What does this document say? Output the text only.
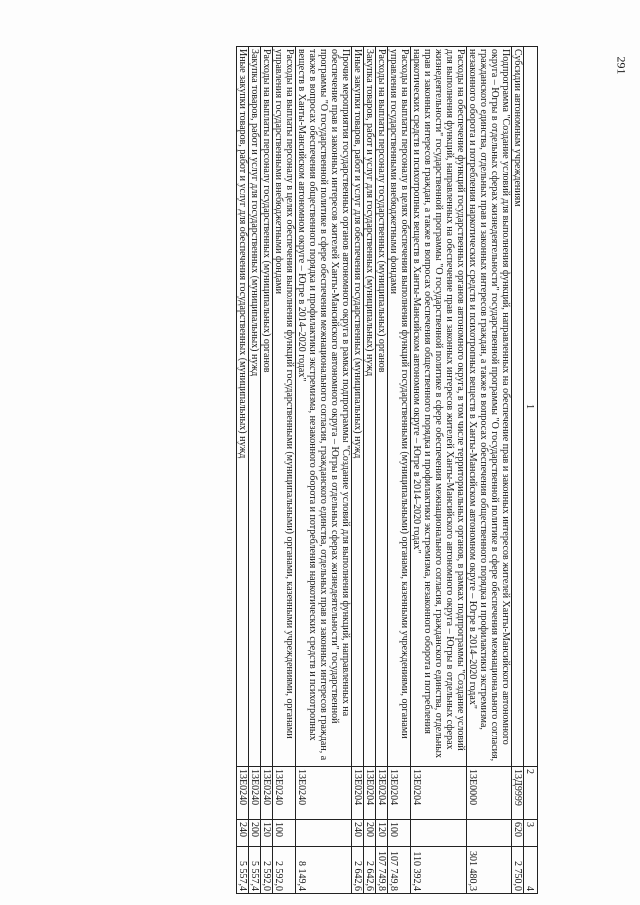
291
1	2	3	4
Субсидии автономным учреждениям	13Д9999	620	2 750,0
Подпрограмма "Создание условий для выполнения функций, направленных на обеспечение прав и законных интересов жителей Ханты-Мансийского автономного округа – Югры в отдельных сферах жизнедеятельности" государственной программы "О государственной политике в сфере обеспечения межнационального согласия, гражданского единства, отдельных прав и законных интересов граждан, а также в вопросах обеспечения общественного порядка и профилактики экстремизма, незаконного оборота и потребления наркотических средств и психотропных веществ в Ханты-Мансийском автономном округе – Югре в 2014–2020 годах"	13Е0000		301 480,3
Расходы на обеспечение функций государственных органов автономного округа, в том числе территориальных органов, в рамках подпрограммы "Создание условий для выполнения функций, направленных на обеспечение прав и законных интересов жителей Ханты-Мансийского автономного округа – Югры в отдельных сферах жизнедеятельности" государственной программы "О государственной политике в сфере обеспечения межнационального согласия, гражданского единства, отдельных прав и законных интересов граждан, а также в вопросах обеспечения общественного порядка и профилактики экстремизма, незаконного оборота и потребления наркотических средств и психотропных веществ в Ханты-Мансийском автономном округе – Югре в 2014–2020 годах"	13Е0204		110 392,4
Расходы на выплаты персоналу в целях обеспечения выполнения функций государственными (муниципальными) органами, казенными учреждениями, органами управления государственными внебюджетными фондами	13Е0204	100	107 749,8
Расходы на выплаты персоналу государственных (муниципальных) органов	13Е0204	120	107 749,8
Закупка товаров, работ и услуг для государственных (муниципальных) нужд	13Е0204	200	2 642,6
Иные закупки товаров, работ и услуг для обеспечения государственных (муниципальных) нужд	13Е0204	240	2 642,6
Прочие мероприятия государственных органов автономного округа в рамках подпрограммы "Создание условий для выполнения функций, направленных на обеспечение прав и законных интересов жителей Ханты-Мансийского автономного округа – Югры в отдельных сферах жизнедеятельности" государственной программы "О государственной политике в сфере обеспечения межнационального согласия, гражданского единства, отдельных прав и законных интересов граждан, а также в вопросах обеспечения общественного порядка и профилактики экстремизма, незаконного оборота и потребления наркотических средств и психотропных веществ в Ханты-Мансийском автономном округе – Югре в 2014–2020 годах"	13Е0240		8 149,4
Расходы на выплаты персоналу в целях обеспечения выполнения функций государственными (муниципальными) органами, казенными учреждениями, органами управления государственными внебюджетными фондами	13Е0240	100	2 592,0
Расходы на выплаты персоналу государственных (муниципальных) органов	13Е0240	120	2 592,0
Закупка товаров, работ и услуг для государственных (муниципальных) нужд	13Е0240	200	5 557,4
Иные закупки товаров, работ и услуг для обеспечения государственных (муниципальных) нужд	13Е0240	240	5 557,4
